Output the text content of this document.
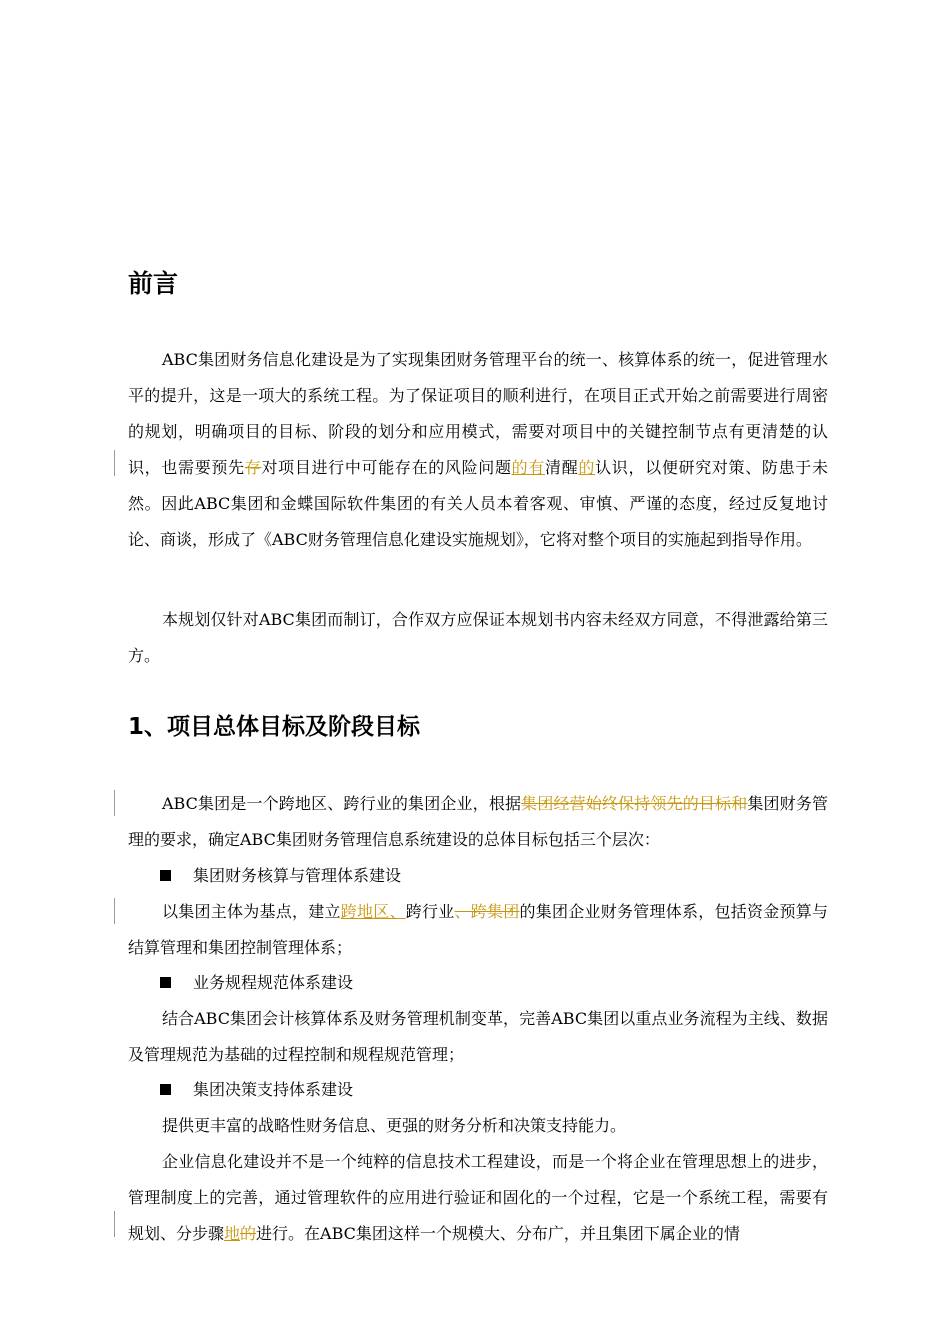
前言

ABC集团财务信息化建设是为了实现集团财务管理平台的统一、核算体系的统一，促进管理水平的提升，这是一项大的系统工程。为了保证项目的顺利进行，在项目正式开始之前需要进行周密的规划，明确项目的目标、阶段的划分和应用模式，需要对项目中的关键控制节点有更清楚的认识，也需要预先存对项目进行中可能存在的风险问题的有清醒的认识，以便研究对策、防患于未然。因此ABC集团和金蝶国际软件集团的有关人员本着客观、审慎、严谨的态度，经过反复地讨论、商谈，形成了《ABC财务管理信息化建设实施规划》，它将对整个项目的实施起到指导作用。

本规划仅针对ABC集团而制订，合作双方应保证本规划书内容未经双方同意，不得泄露给第三方。

1、项目总体目标及阶段目标

ABC集团是一个跨地区、跨行业的集团企业，根据集团经营始终保持领先的目标和集团财务管理的要求，确定ABC集团财务管理信息系统建设的总体目标包括三个层次：

集团财务核算与管理体系建设

以集团主体为基点，建立跨地区、跨行业、跨集团的集团企业财务管理体系，包括资金预算与结算管理和集团控制管理体系；

业务规程规范体系建设

结合ABC集团会计核算体系及财务管理机制变革，完善ABC集团以重点业务流程为主线、数据及管理规范为基础的过程控制和规程规范管理；

集团决策支持体系建设

提供更丰富的战略性财务信息、更强的财务分析和决策支持能力。

企业信息化建设并不是一个纯粹的信息技术工程建设，而是一个将企业在管理思想上的进步，管理制度上的完善，通过管理软件的应用进行验证和固化的一个过程，它是一个系统工程，需要有规划、分步骤地的进行。在ABC集团这样一个规模大、分布广，并且集团下属企业的情
